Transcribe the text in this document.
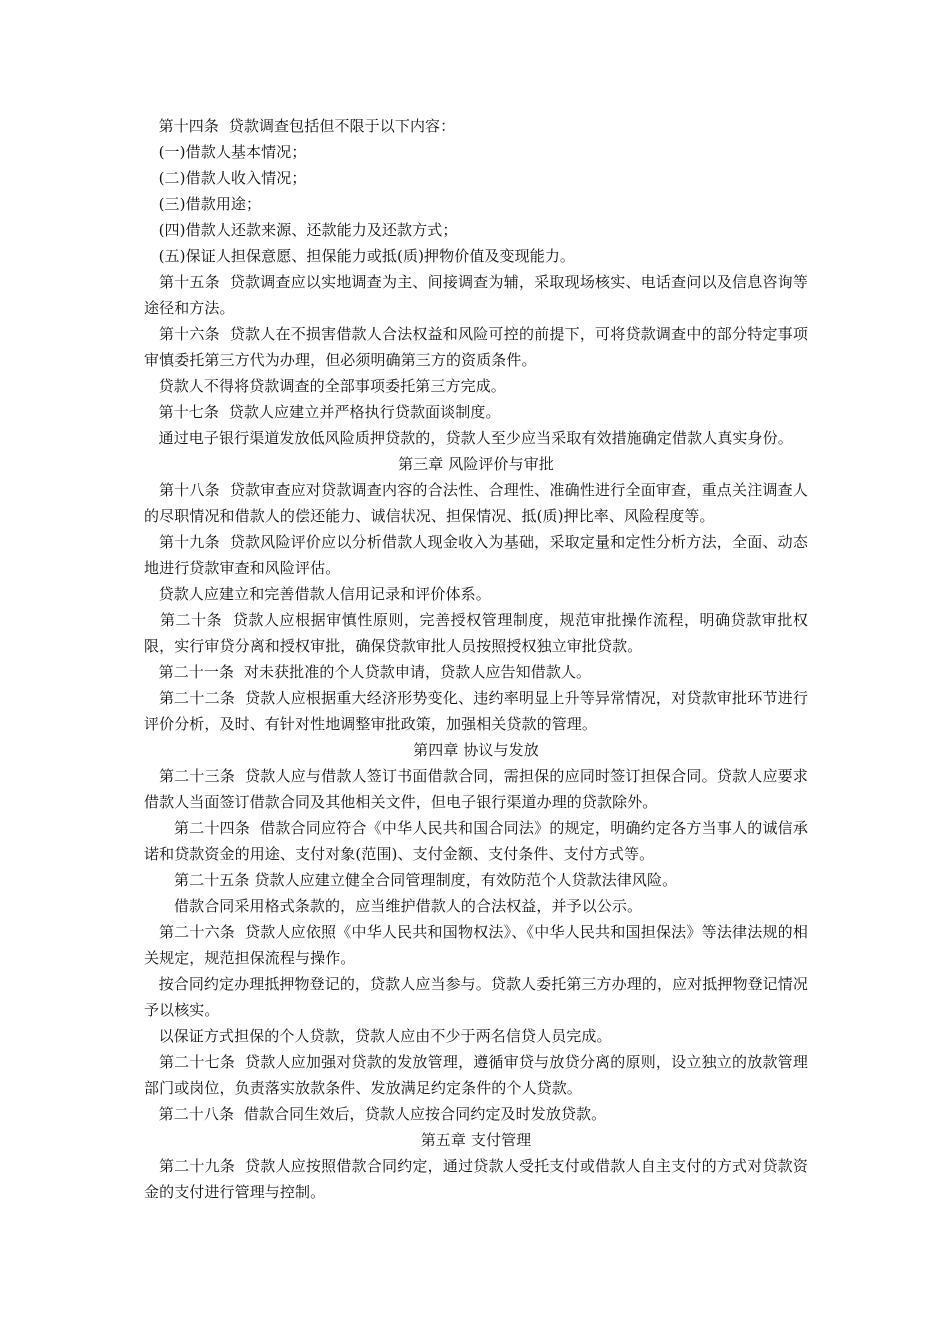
第十四条  贷款调查包括但不限于以下内容：

(一)借款人基本情况；

(二)借款人收入情况；

(三)借款用途；

(四)借款人还款来源、还款能力及还款方式；

(五)保证人担保意愿、担保能力或抵(质)押物价值及变现能力。

第十五条  贷款调查应以实地调查为主、间接调查为辅，采取现场核实、电话查问以及信息咨询等途径和方法。

第十六条  贷款人在不损害借款人合法权益和风险可控的前提下，可将贷款调查中的部分特定事项审慎委托第三方代为办理，但必须明确第三方的资质条件。

贷款人不得将贷款调查的全部事项委托第三方完成。

第十七条  贷款人应建立并严格执行贷款面谈制度。

通过电子银行渠道发放低风险质押贷款的，贷款人至少应当采取有效措施确定借款人真实身份。

第三章 风险评价与审批

第十八条  贷款审查应对贷款调查内容的合法性、合理性、准确性进行全面审查，重点关注调查人的尽职情况和借款人的偿还能力、诚信状况、担保情况、抵(质)押比率、风险程度等。

第十九条  贷款风险评价应以分析借款人现金收入为基础，采取定量和定性分析方法，全面、动态地进行贷款审查和风险评估。

贷款人应建立和完善借款人信用记录和评价体系。

第二十条  贷款人应根据审慎性原则，完善授权管理制度，规范审批操作流程，明确贷款审批权限，实行审贷分离和授权审批，确保贷款审批人员按照授权独立审批贷款。

第二十一条  对未获批准的个人贷款申请，贷款人应告知借款人。

第二十二条  贷款人应根据重大经济形势变化、违约率明显上升等异常情况，对贷款审批环节进行评价分析，及时、有针对性地调整审批政策，加强相关贷款的管理。

第四章 协议与发放

第二十三条  贷款人应与借款人签订书面借款合同，需担保的应同时签订担保合同。贷款人应要求借款人当面签订借款合同及其他相关文件，但电子银行渠道办理的贷款除外。

第二十四条  借款合同应符合《中华人民共和国合同法》的规定，明确约定各方当事人的诚信承诺和贷款资金的用途、支付对象(范围)、支付金额、支付条件、支付方式等。

第二十五条 贷款人应建立健全合同管理制度，有效防范个人贷款法律风险。

借款合同采用格式条款的，应当维护借款人的合法权益，并予以公示。

第二十六条  贷款人应依照《中华人民共和国物权法》、《中华人民共和国担保法》等法律法规的相关规定，规范担保流程与操作。

按合同约定办理抵押物登记的，贷款人应当参与。贷款人委托第三方办理的，应对抵押物登记情况予以核实。

以保证方式担保的个人贷款，贷款人应由不少于两名信贷人员完成。

第二十七条  贷款人应加强对贷款的发放管理，遵循审贷与放贷分离的原则，设立独立的放款管理部门或岗位，负责落实放款条件、发放满足约定条件的个人贷款。

第二十八条  借款合同生效后，贷款人应按合同约定及时发放贷款。

第五章 支付管理

第二十九条  贷款人应按照借款合同约定，通过贷款人受托支付或借款人自主支付的方式对贷款资金的支付进行管理与控制。
